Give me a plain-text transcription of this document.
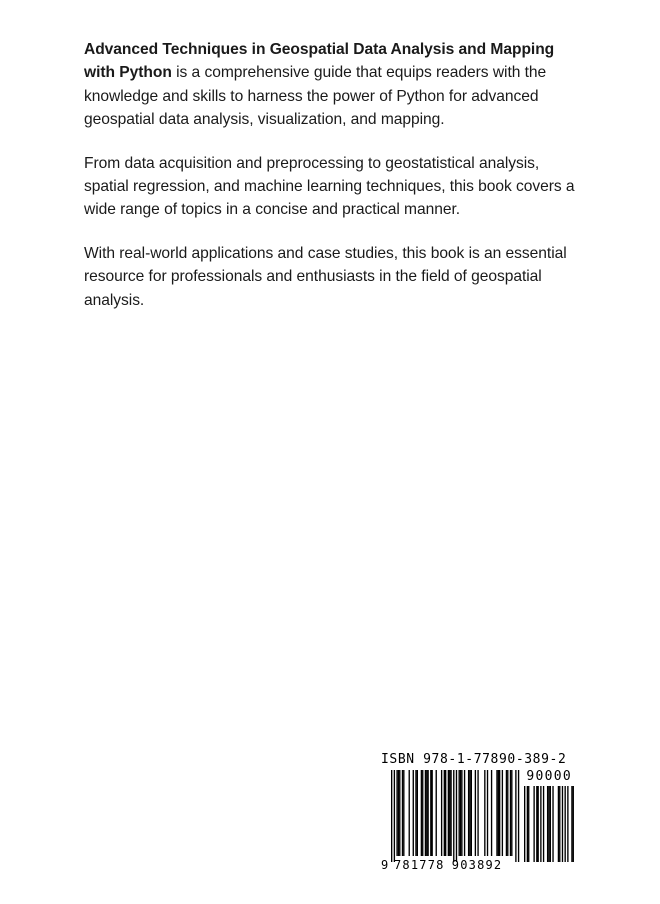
Advanced Techniques in Geospatial Data Analysis and Mapping with Python is a comprehensive guide that equips readers with the knowledge and skills to harness the power of Python for advanced geospatial data analysis, visualization, and mapping.

From data acquisition and preprocessing to geostatistical analysis, spatial regression, and machine learning techniques, this book covers a wide range of topics in a concise and practical manner.

With real-world applications and case studies, this book is an essential resource for professionals and enthusiasts in the field of geospatial analysis.

ISBN 978-1-77890-389-2
90000
9 781778 903892
